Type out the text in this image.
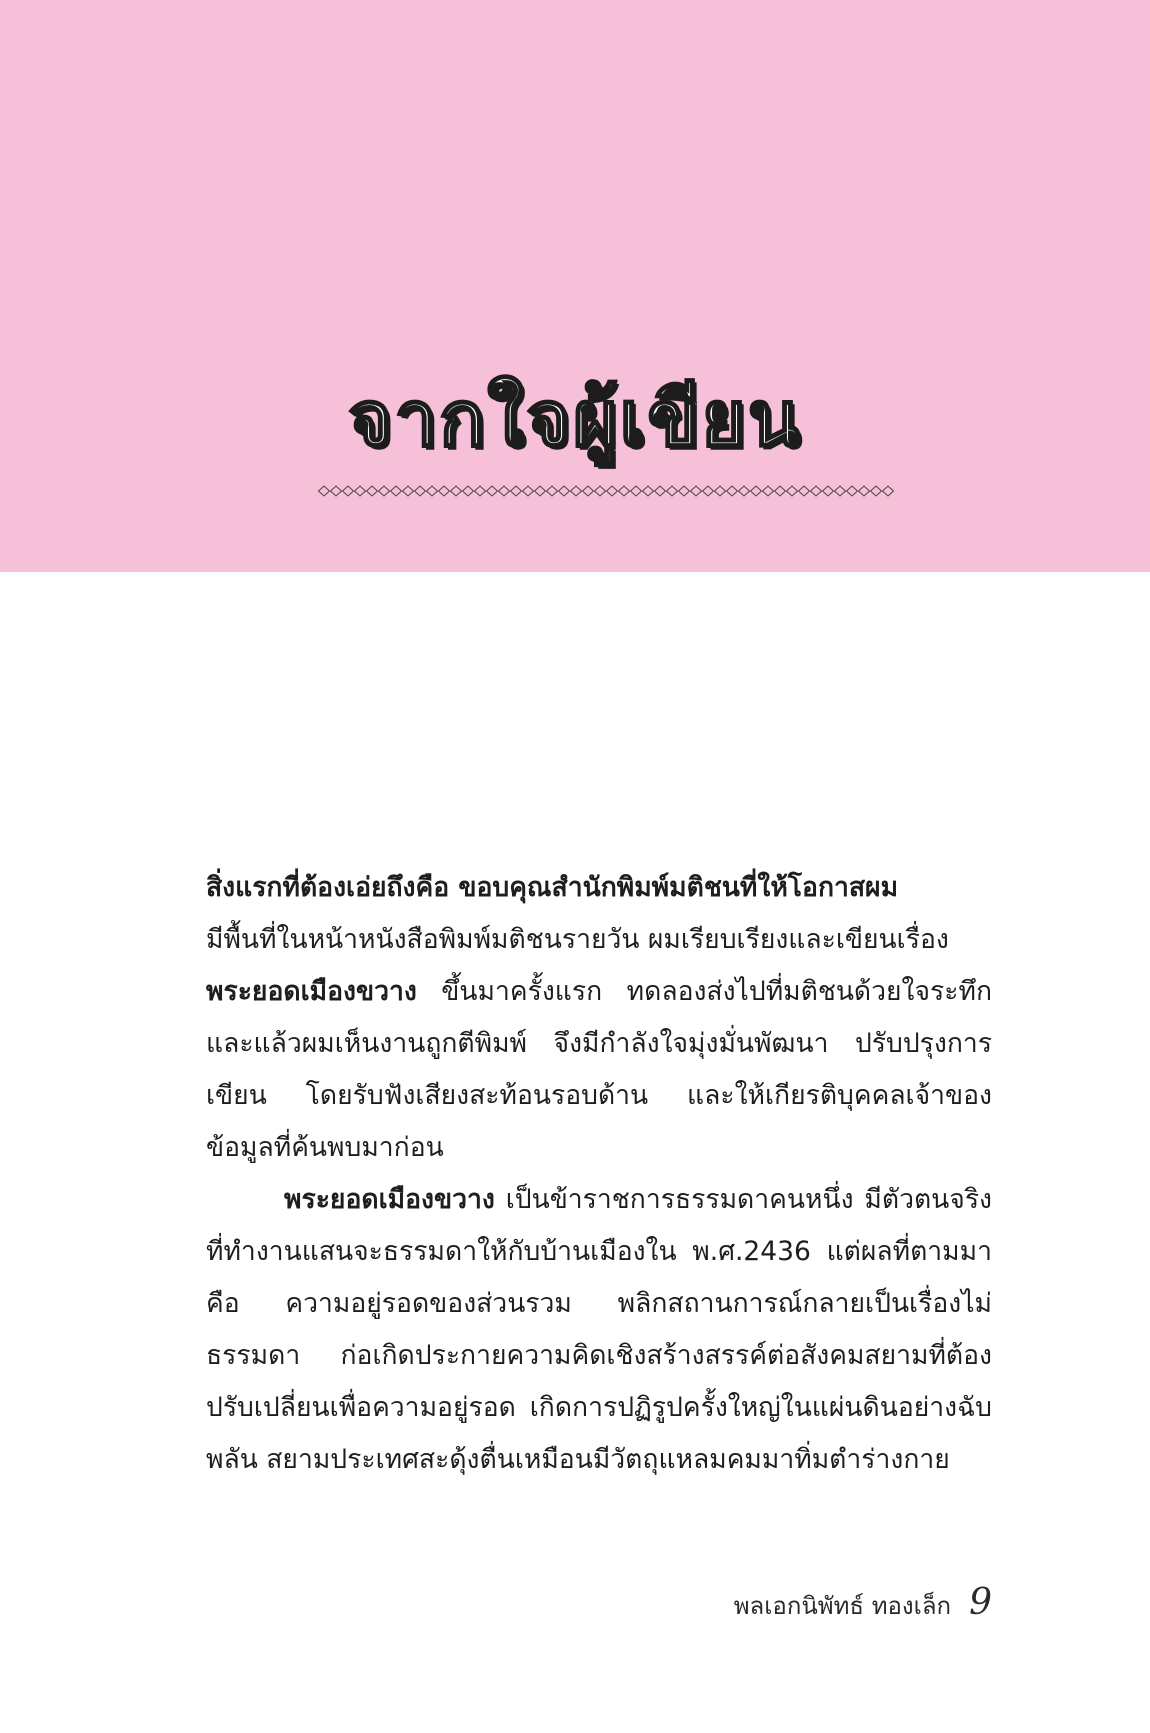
จากใจผู้เขียน

สิ่งแรกที่ต้องเอ่ยถึงคือ ขอบคุณสำนักพิมพ์มติชนที่ให้โอกาสผม
มีพื้นที่ในหน้าหนังสือพิมพ์มติชนรายวัน ผมเรียบเรียงและเขียนเรื่อง
พระยอดเมืองขวาง ขึ้นมาครั้งแรก ทดลองส่งไปที่มติชนด้วยใจระทึก และแล้วผมเห็นงานถูกตีพิมพ์ จึงมีกำลังใจมุ่งมั่นพัฒนา ปรับปรุงการเขียน โดยรับฟังเสียงสะท้อนรอบด้าน และให้เกียรติบุคคลเจ้าของข้อมูลที่ค้นพบมาก่อน

พระยอดเมืองขวาง เป็นข้าราชการธรรมดาคนหนึ่ง มีตัวตนจริง ที่ทำงานแสนจะธรรมดาให้กับบ้านเมืองใน พ.ศ.2436 แต่ผลที่ตามมาคือ ความอยู่รอดของส่วนรวม พลิกสถานการณ์กลายเป็นเรื่องไม่ธรรมดา ก่อเกิดประกายความคิดเชิงสร้างสรรค์ต่อสังคมสยามที่ต้องปรับเปลี่ยนเพื่อความอยู่รอด เกิดการปฏิรูปครั้งใหญ่ในแผ่นดินอย่างฉับพลัน สยามประเทศสะดุ้งตื่นเหมือนมีวัตถุแหลมคมมาทิ่มตำร่างกาย

พลเอกนิพัทธ์ ทองเล็ก 9
